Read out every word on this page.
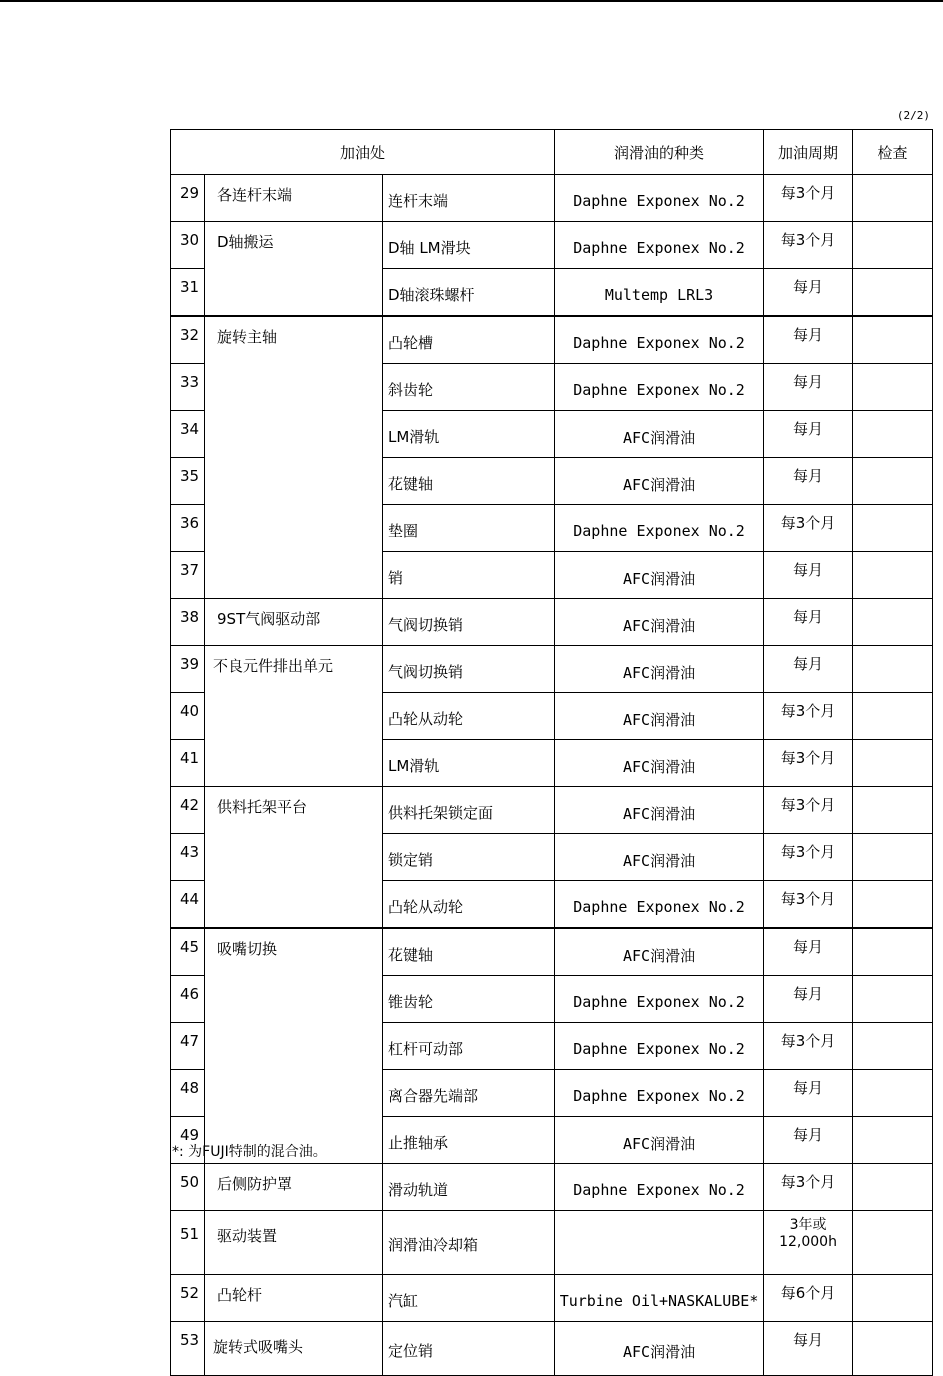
(2/2)
加油处			润滑油的种类	加油周期	检查
29	各连杆末端	连杆末端	Daphne Exponex No.2	每3个月	
30	D轴搬运	D轴 LM滑块	Daphne Exponex No.2	每3个月	
31		D轴滚珠螺杆	Multemp LRL3	每月	
32	旋转主轴	凸轮槽	Daphne Exponex No.2	每月	
33		斜齿轮	Daphne Exponex No.2	每月	
34		LM滑轨	AFC润滑油	每月	
35		花键轴	AFC润滑油	每月	
36		垫圈	Daphne Exponex No.2	每3个月	
37		销	AFC润滑油	每月	
38	9ST气阀驱动部	气阀切换销	AFC润滑油	每月	
39	不良元件排出单元	气阀切换销	AFC润滑油	每月	
40		凸轮从动轮	AFC润滑油	每3个月	
41		LM滑轨	AFC润滑油	每3个月	
42	供料托架平台	供料托架锁定面	AFC润滑油	每3个月	
43		锁定销	AFC润滑油	每3个月	
44		凸轮从动轮	Daphne Exponex No.2	每3个月	
45	吸嘴切换	花键轴	AFC润滑油	每月	
46		锥齿轮	Daphne Exponex No.2	每月	
47		杠杆可动部	Daphne Exponex No.2	每3个月	
48		离合器先端部	Daphne Exponex No.2	每月	
49		止推轴承	AFC润滑油	每月	
50	后侧防护罩	滑动轨道	Daphne Exponex No.2	每3个月	
51	驱动装置	润滑油冷却箱		3年或
12,000h	

52	凸轮杆	汽缸	Turbine Oil+NASKALUBE*	每6个月	
53	旋转式吸嘴头	定位销	AFC润滑油	每月	
*: 为FUJI特制的混合油。
